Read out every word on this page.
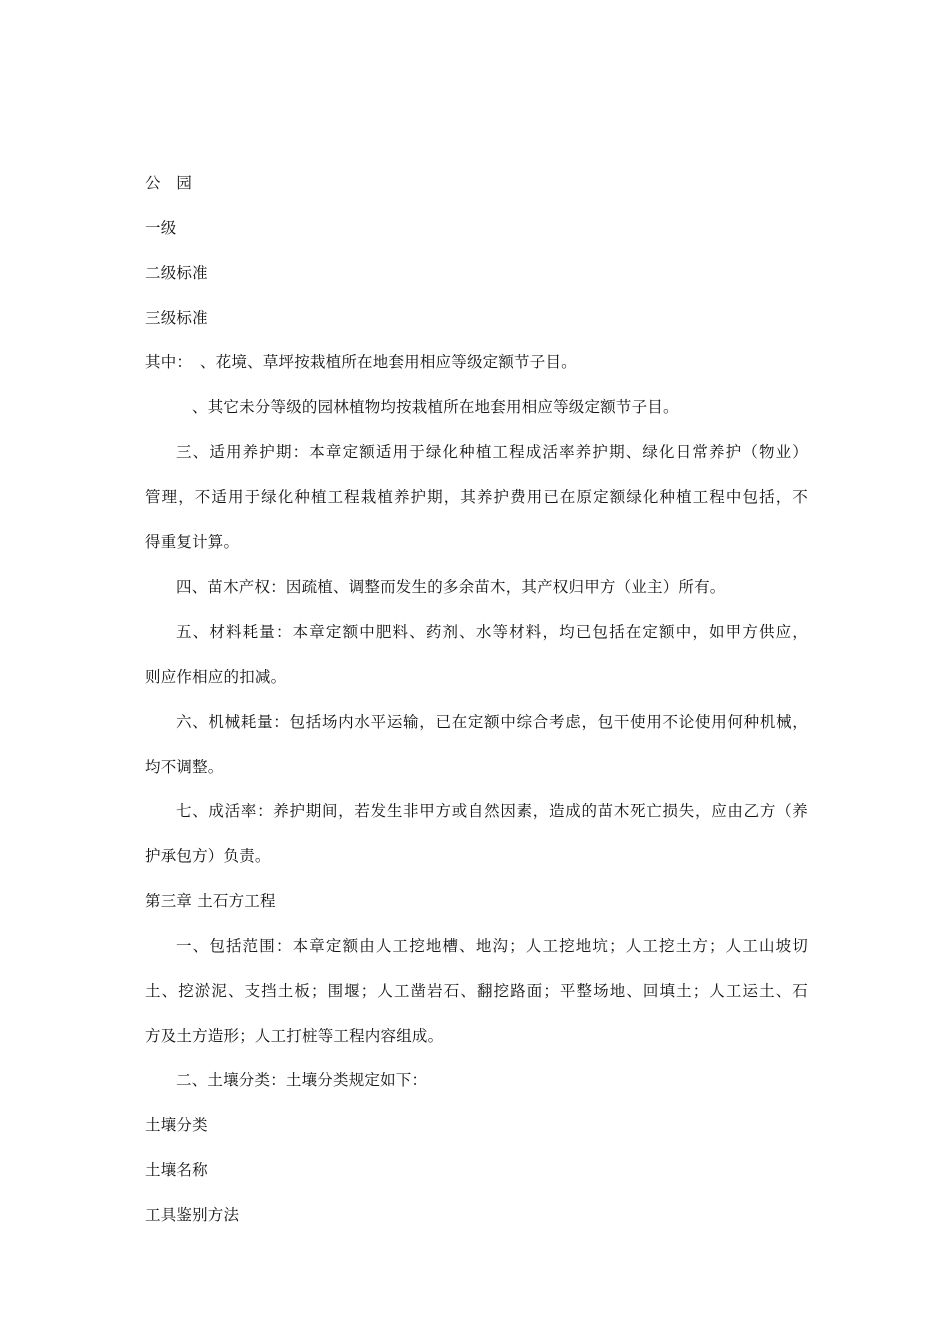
公　园
一级
二级标准
三级标准
其中：　、花境、草坪按栽植所在地套用相应等级定额节子目。
、其它未分等级的园林植物均按栽植所在地套用相应等级定额节子目。
三、适用养护期：本章定额适用于绿化种植工程成活率养护期、绿化日常养护（物业）
管理，不适用于绿化种植工程栽植养护期，其养护费用已在原定额绿化种植工程中包括，不
得重复计算。
四、苗木产权：因疏植、调整而发生的多余苗木，其产权归甲方（业主）所有。
五、材料耗量：本章定额中肥料、药剂、水等材料，均已包括在定额中，如甲方供应，
则应作相应的扣减。
六、机械耗量：包括场内水平运输，已在定额中综合考虑，包干使用不论使用何种机械，
均不调整。
七、成活率：养护期间，若发生非甲方或自然因素，造成的苗木死亡损失，应由乙方（养
护承包方）负责。
第三章 土石方工程
一、包括范围：本章定额由人工挖地槽、地沟；人工挖地坑；人工挖土方；人工山坡切
土、挖淤泥、支挡土板；围堰；人工凿岩石、翻挖路面；平整场地、回填土；人工运土、石
方及土方造形；人工打桩等工程内容组成。
二、土壤分类：土壤分类规定如下：
土壤分类
土壤名称
工具鉴别方法
